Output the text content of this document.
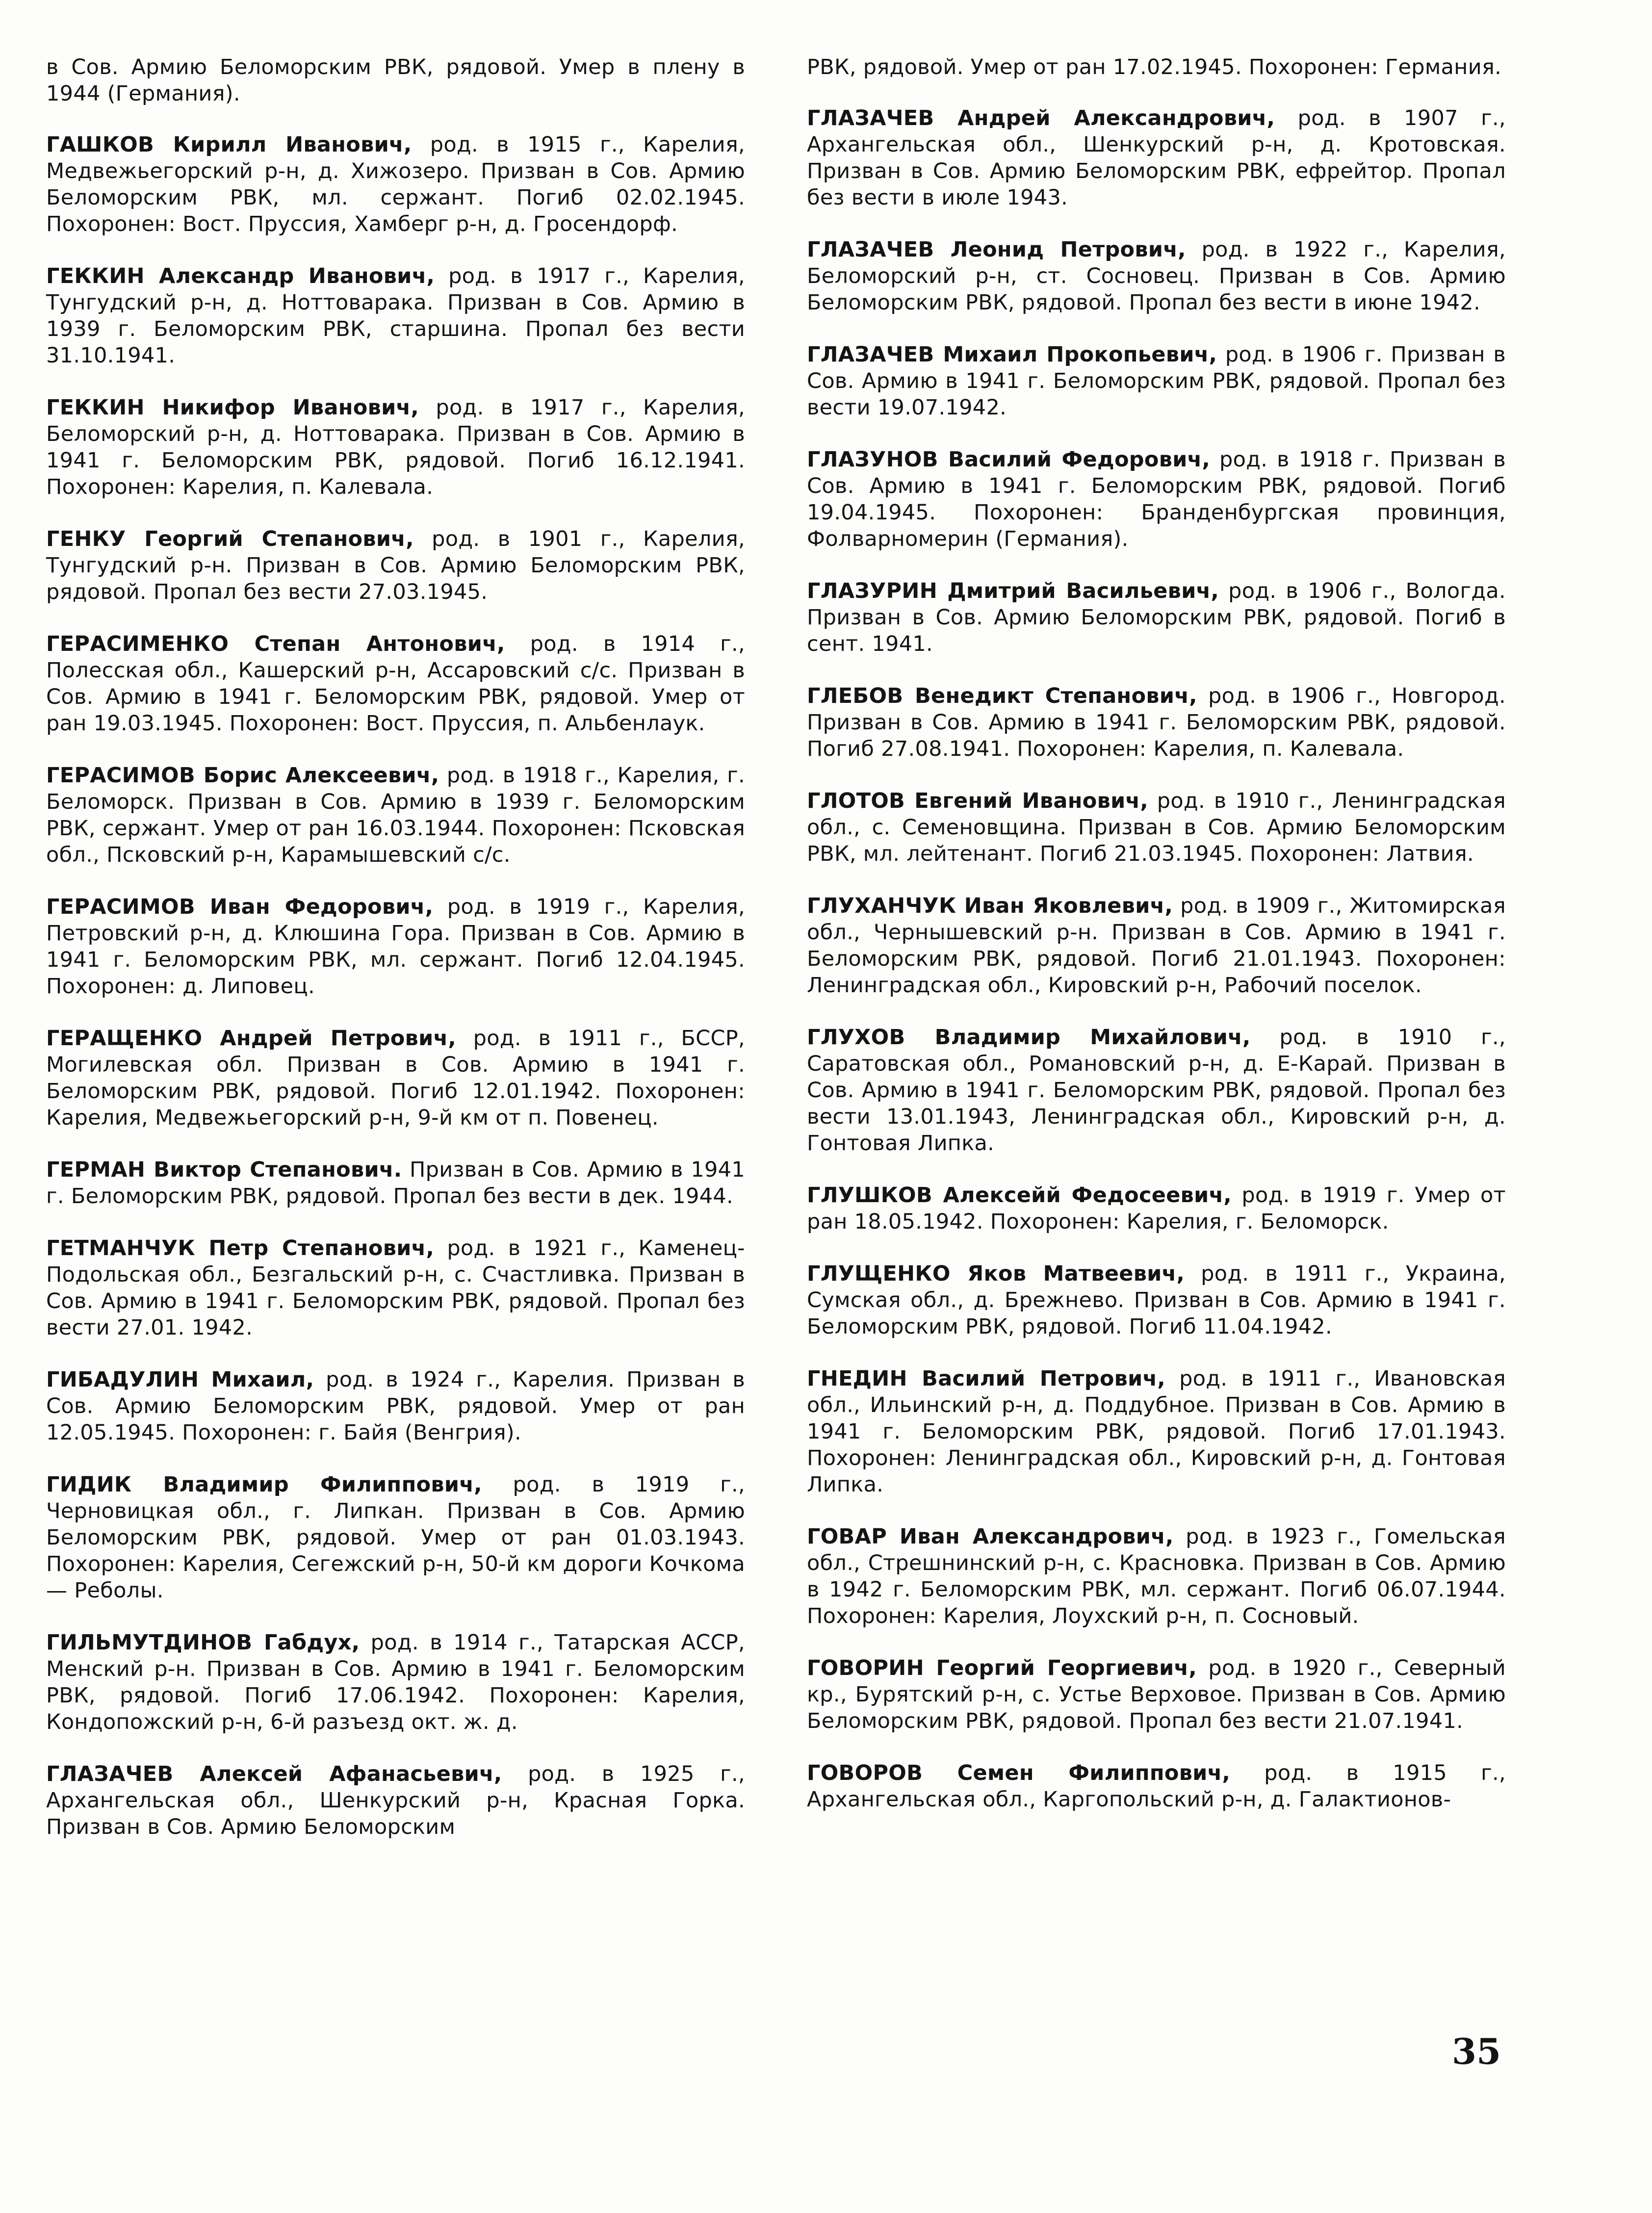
в Сов. Армию Беломорским РВК, рядовой. Умер в плену в 1944 (Германия).

ГАШКОВ Кирилл Иванович, род. в 1915 г., Карелия, Медвежьегорский р-н, д. Хижозеро. Призван в Сов. Армию Беломорским РВК, мл. сержант. Погиб 02.02.1945. Похоронен: Вост. Пруссия, Хамберг р-н, д. Гросендорф.

ГЕККИН Александр Иванович, род. в 1917 г., Карелия, Тунгудский р-н, д. Ноттоварака. Призван в Сов. Армию в 1939 г. Беломорским РВК, старшина. Пропал без вести 31.10.1941.

ГЕККИН Никифор Иванович, род. в 1917 г., Карелия, Беломорский р-н, д. Ноттоварака. Призван в Сов. Армию в 1941 г. Беломорским РВК, рядовой. Погиб 16.12.1941. Похоронен: Карелия, п. Калевала.

ГЕНКУ Георгий Степанович, род. в 1901 г., Карелия, Тунгудский р-н. Призван в Сов. Армию Беломорским РВК, рядовой. Пропал без вести 27.03.1945.

ГЕРАСИМЕНКО Степан Антонович, род. в 1914 г., Полесская обл., Кашерский р-н, Ассаровский с/с. Призван в Сов. Армию в 1941 г. Беломорским РВК, рядовой. Умер от ран 19.03.1945. Похоронен: Вост. Пруссия, п. Альбенлаук.

ГЕРАСИМОВ Борис Алексеевич, род. в 1918 г., Карелия, г. Беломорск. Призван в Сов. Армию в 1939 г. Беломорским РВК, сержант. Умер от ран 16.03.1944. Похоронен: Псковская обл., Псковский р-н, Карамышевский с/с.

ГЕРАСИМОВ Иван Федорович, род. в 1919 г., Карелия, Петровский р-н, д. Клюшина Гора. Призван в Сов. Армию в 1941 г. Беломорским РВК, мл. сержант. Погиб 12.04.1945. Похоронен: д. Липовец.

ГЕРАЩЕНКО Андрей Петрович, род. в 1911 г., БССР, Могилевская обл. Призван в Сов. Армию в 1941 г. Беломорским РВК, рядовой. Погиб 12.01.1942. Похоронен: Карелия, Медвежьегорский р-н, 9-й км от п. Повенец.

ГЕРМАН Виктор Степанович. Призван в Сов. Армию в 1941 г. Беломорским РВК, рядовой. Пропал без вести в дек. 1944.

ГЕТМАНЧУК Петр Степанович, род. в 1921 г., Каменец-Подольская обл., Безгальский р-н, с. Счастливка. Призван в Сов. Армию в 1941 г. Беломорским РВК, рядовой. Пропал без вести 27.01. 1942.

ГИБАДУЛИН Михаил, род. в 1924 г., Карелия. Призван в Сов. Армию Беломорским РВК, рядовой. Умер от ран 12.05.1945. Похоронен: г. Байя (Венгрия).

ГИДИК Владимир Филиппович, род. в 1919 г., Черновицкая обл., г. Липкан. Призван в Сов. Армию Беломорским РВК, рядовой. Умер от ран 01.03.1943. Похоронен: Карелия, Сегежский р-н, 50-й км дороги Кочкома — Реболы.

ГИЛЬМУТДИНОВ Габдух, род. в 1914 г., Татарская АССР, Менский р-н. Призван в Сов. Армию в 1941 г. Беломорским РВК, рядовой. Погиб 17.06.1942. Похоронен: Карелия, Кондопожский р-н, 6-й разъезд окт. ж. д.

ГЛАЗАЧЕВ Алексей Афанасьевич, род. в 1925 г., Архангельская обл., Шенкурский р-н, Красная Горка. Призван в Сов. Армию Беломорским

РВК, рядовой. Умер от ран 17.02.1945. Похоронен: Германия.

ГЛАЗАЧЕВ Андрей Александрович, род. в 1907 г., Архангельская обл., Шенкурский р-н, д. Кротовская. Призван в Сов. Армию Беломорским РВК, ефрейтор. Пропал без вести в июле 1943.

ГЛАЗАЧЕВ Леонид Петрович, род. в 1922 г., Карелия, Беломорский р-н, ст. Сосновец. Призван в Сов. Армию Беломорским РВК, рядовой. Пропал без вести в июне 1942.

ГЛАЗАЧЕВ Михаил Прокопьевич, род. в 1906 г. Призван в Сов. Армию в 1941 г. Беломорским РВК, рядовой. Пропал без вести 19.07.1942.

ГЛАЗУНОВ Василий Федорович, род. в 1918 г. Призван в Сов. Армию в 1941 г. Беломорским РВК, рядовой. Погиб 19.04.1945. Похоронен: Бранденбургская провинция, Фолварномерин (Германия).

ГЛАЗУРИН Дмитрий Васильевич, род. в 1906 г., Вологда. Призван в Сов. Армию Беломорским РВК, рядовой. Погиб в сент. 1941.

ГЛЕБОВ Венедикт Степанович, род. в 1906 г., Новгород. Призван в Сов. Армию в 1941 г. Беломорским РВК, рядовой. Погиб 27.08.1941. Похоронен: Карелия, п. Калевала.

ГЛОТОВ Евгений Иванович, род. в 1910 г., Ленинградская обл., с. Семеновщина. Призван в Сов. Армию Беломорским РВК, мл. лейтенант. Погиб 21.03.1945. Похоронен: Латвия.

ГЛУХАНЧУК Иван Яковлевич, род. в 1909 г., Житомирская обл., Чернышевский р-н. Призван в Сов. Армию в 1941 г. Беломорским РВК, рядовой. Погиб 21.01.1943. Похоронен: Ленинградская обл., Кировский р-н, Рабочий поселок.

ГЛУХОВ Владимир Михайлович, род. в 1910 г., Саратовская обл., Романовский р-н, д. Е-Карай. Призван в Сов. Армию в 1941 г. Беломорским РВК, рядовой. Пропал без вести 13.01.1943, Ленинградская обл., Кировский р-н, д. Гонтовая Липка.

ГЛУШКОВ Алексейй Федосеевич, род. в 1919 г. Умер от ран 18.05.1942. Похоронен: Карелия, г. Беломорск.

ГЛУЩЕНКО Яков Матвеевич, род. в 1911 г., Украина, Сумская обл., д. Брежнево. Призван в Сов. Армию в 1941 г. Беломорским РВК, рядовой. Погиб 11.04.1942.

ГНЕДИН Василий Петрович, род. в 1911 г., Ивановская обл., Ильинский р-н, д. Поддубное. Призван в Сов. Армию в 1941 г. Беломорским РВК, рядовой. Погиб 17.01.1943. Похоронен: Ленинградская обл., Кировский р-н, д. Гонтовая Липка.

ГОВАР Иван Александрович, род. в 1923 г., Гомельская обл., Стрешнинский р-н, с. Красновка. Призван в Сов. Армию в 1942 г. Беломорским РВК, мл. сержант. Погиб 06.07.1944. Похоронен: Карелия, Лоухский р-н, п. Сосновый.

ГОВОРИН Георгий Георгиевич, род. в 1920 г., Северный кр., Бурятский р-н, с. Устье Верховое. Призван в Сов. Армию Беломорским РВК, рядовой. Пропал без вести 21.07.1941.

ГОВОРОВ Семен Филиппович, род. в 1915 г., Архангельская обл., Каргопольский р-н, д. Галактионов-

35
